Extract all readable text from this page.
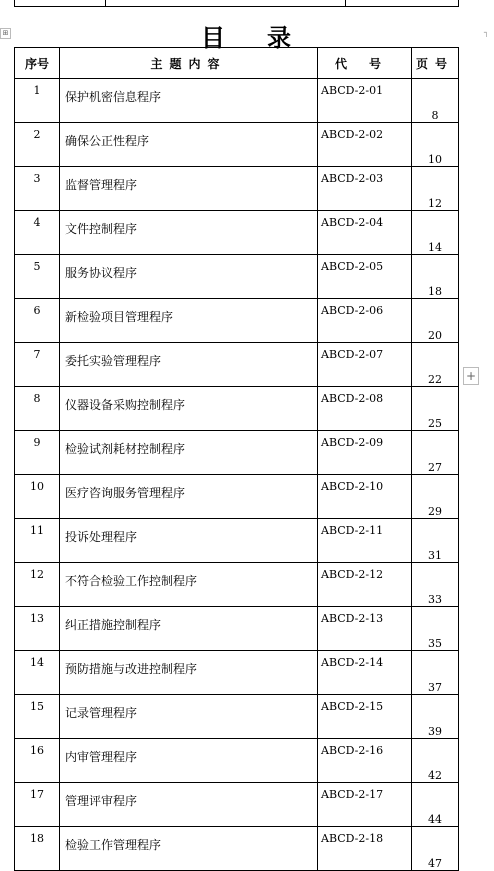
⊞	┐
目录
序号	主题内容	代号	页号
1	保护机密信息程序	ABCD-2-01	8
2	确保公正性程序	ABCD-2-02	10
3	监督管理程序	ABCD-2-03	12
4	文件控制程序	ABCD-2-04	14
5	服务协议程序	ABCD-2-05	18
6	新检验项目管理程序	ABCD-2-06	20
7	委托实验管理程序	ABCD-2-07	22
8	仪器设备采购控制程序	ABCD-2-08	25
9	检验试剂耗材控制程序	ABCD-2-09	27
10	医疗咨询服务管理程序	ABCD-2-10	29
11	投诉处理程序	ABCD-2-11	31
12	不符合检验工作控制程序	ABCD-2-12	33
13	纠正措施控制程序	ABCD-2-13	35
14	预防措施与改进控制程序	ABCD-2-14	37
15	记录管理程序	ABCD-2-15	39
16	内审管理程序	ABCD-2-16	42
17	管理评审程序	ABCD-2-17	44
18	检验工作管理程序	ABCD-2-18	47
+
